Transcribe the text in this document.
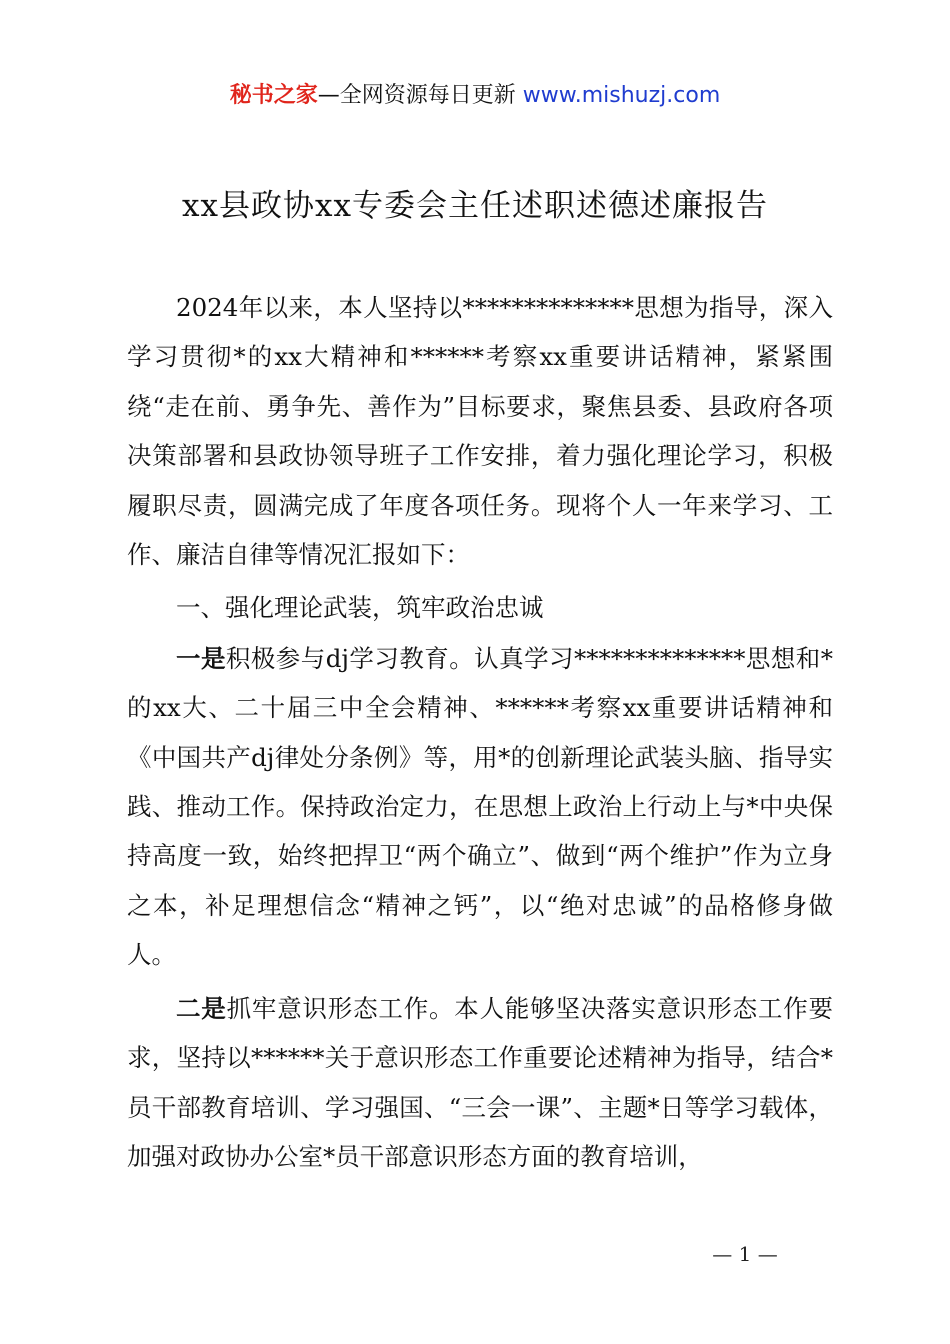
秘书之家—全网资源每日更新 www.mishuzj.com
xx县政协xx专委会主任述职述德述廉报告

2024年以来，本人坚持以**************思想为指导，深入学习贯彻*的xx大精神和******考察xx重要讲话精神，紧紧围绕“走在前、勇争先、善作为”目标要求，聚焦县委、县政府各项决策部署和县政协领导班子工作安排，着力强化理论学习，积极履职尽责，圆满完成了年度各项任务。现将个人一年来学习、工作、廉洁自律等情况汇报如下：

一、强化理论武装，筑牢政治忠诚

一是积极参与dj学习教育。认真学习**************思想和*的xx大、二十届三中全会精神、******考察xx重要讲话精神和《中国共产dj律处分条例》等，用*的创新理论武装头脑、指导实践、推动工作。保持政治定力，在思想上政治上行动上与*中央保持高度一致，始终把捍卫“两个确立”、做到“两个维护”作为立身之本，补足理想信念“精神之钙”，以“绝对忠诚”的品格修身做人。

二是抓牢意识形态工作。本人能够坚决落实意识形态工作要求，坚持以******关于意识形态工作重要论述精神为指导，结合*员干部教育培训、学习强国、“三会一课”、主题*日等学习载体，加强对政协办公室*员干部意识形态方面的教育培训，

— 1 —
